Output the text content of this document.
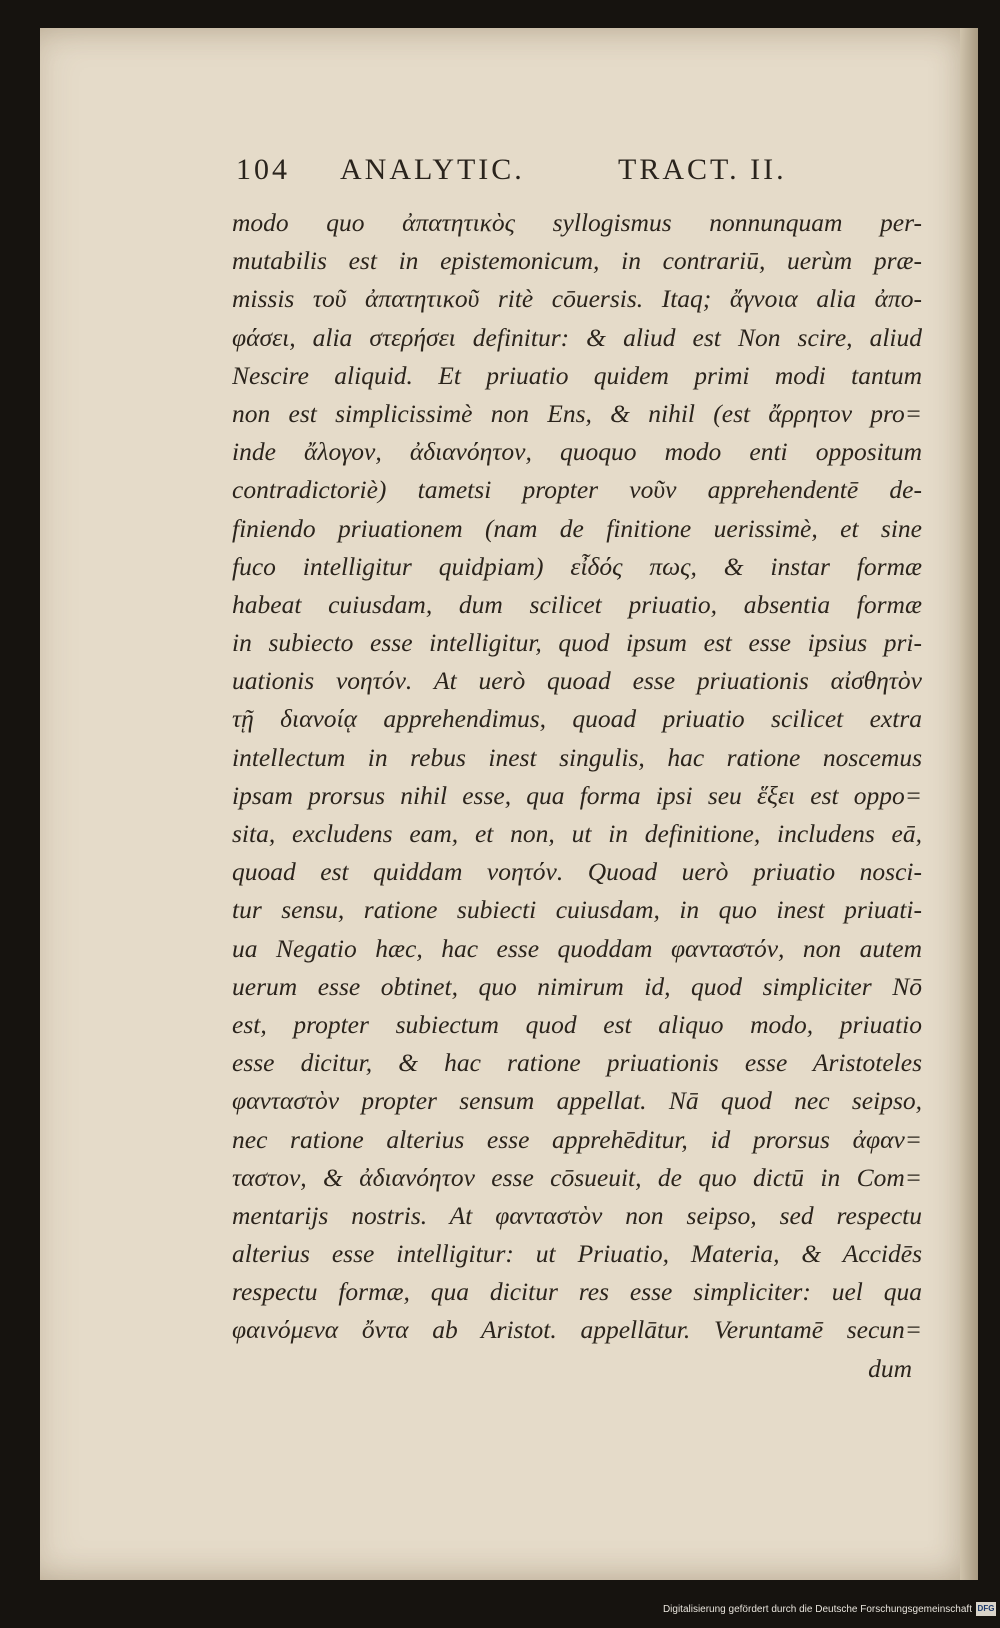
104 ANALYTIC.	TRACT. II.
modo quo ἀπατητικὸς syllogismus nonnunquam per-
mutabilis est in epistemonicum, in contrariū, uerùm præ-
missis τοῦ ἀπατητικοῦ ritè cōuersis. Itaq; ἄγνοια alia ἀπο-
φάσει, alia στερήσει definitur: & aliud est Non scire, aliud
Nescire aliquid. Et priuatio quidem primi modi tantum
non est simplicissimè non Ens, & nihil (est ἄρρητον pro=
inde ἄλογον, ἀδιανόητον, quoquo modo enti oppositum
contradictoriè) tametsi propter νοῦν apprehendentē de-
finiendo priuationem (nam de finitione uerissimè, et sine
fuco intelligitur quidpiam) εἶδός πως, & instar formæ
habeat cuiusdam, dum scilicet priuatio, absentia formæ
in subiecto esse intelligitur, quod ipsum est esse ipsius pri-
uationis νοητόν. At uerò quoad esse priuationis αἰσθητὸν
τῇ διανοίᾳ apprehendimus, quoad priuatio scilicet extra
intellectum in rebus inest singulis, hac ratione noscemus
ipsam prorsus nihil esse, qua forma ipsi seu ἕξει est oppo=
sita, excludens eam, et non, ut in definitione, includens eā,
quoad est quiddam νοητόν. Quoad uerò priuatio nosci-
tur sensu, ratione subiecti cuiusdam, in quo inest priuati-
ua Negatio hæc, hac esse quoddam φανταστόν, non autem
uerum esse obtinet, quo nimirum id, quod simpliciter Nō
est, propter subiectum quod est aliquo modo, priuatio
esse dicitur, & hac ratione priuationis esse Aristoteles
φανταστὸν propter sensum appellat. Nā quod nec seipso,
nec ratione alterius esse apprehēditur, id prorsus ἀφαν=
ταστον, & ἀδιανόητον esse cōsueuit, de quo dictū in Com=
mentarijs nostris. At φανταστὸν non seipso, sed respectu
alterius esse intelligitur: ut Priuatio, Materia, & Accidēs
respectu formæ, qua dicitur res esse simpliciter: uel qua
φαινόμενα ὄντα ab Aristot. appellātur. Veruntamē secun=
dum
Digitalisierung gefördert durch die Deutsche Forschungsgemeinschaft DFG
